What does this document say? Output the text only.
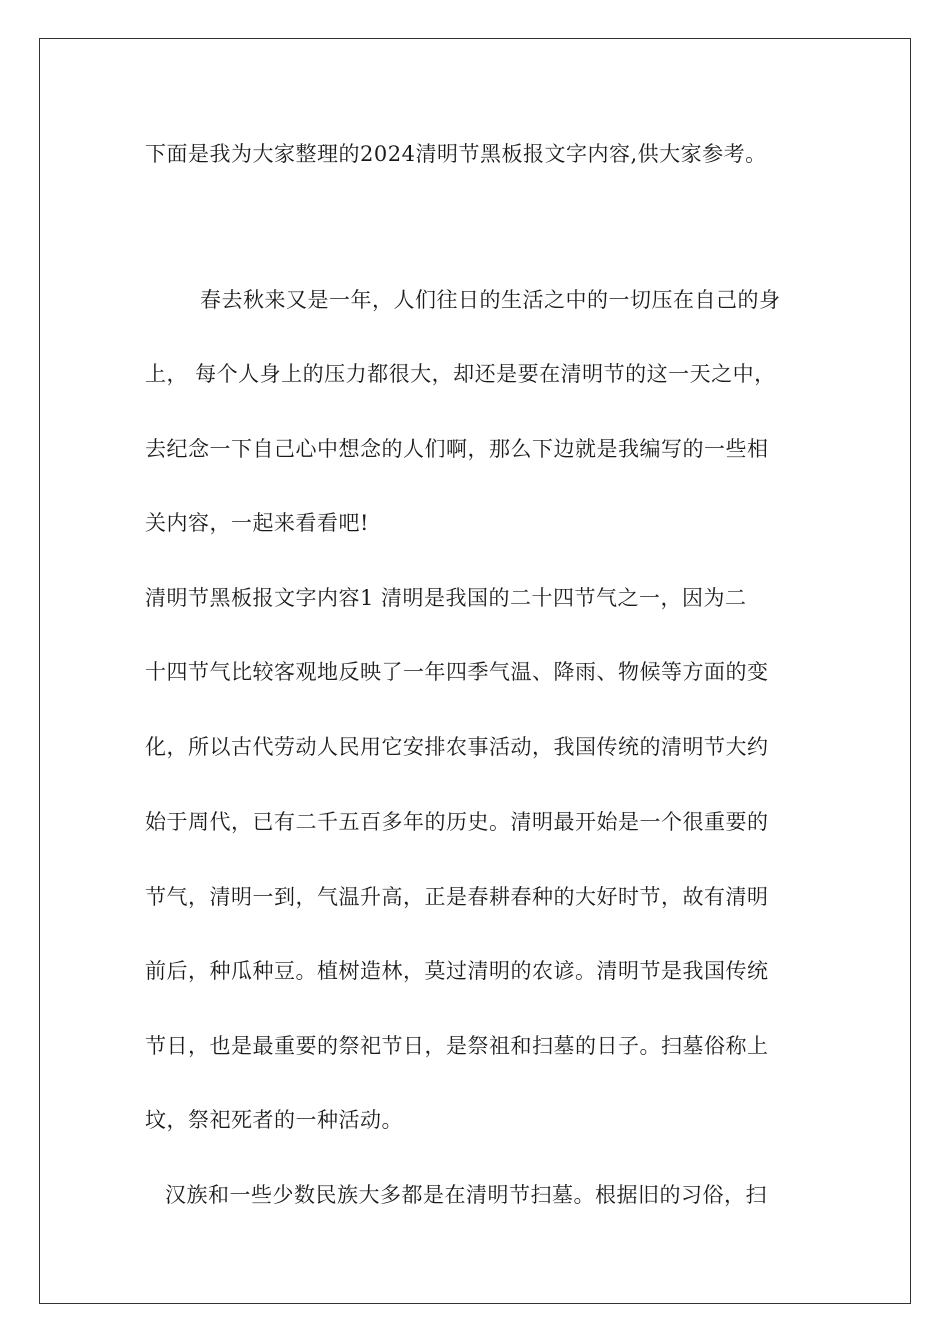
下面是我为大家整理的2024清明节黑板报文字内容,供大家参考。
春去秋来又是一年，人们往日的生活之中的一切压在自己的身
上， 每个人身上的压力都很大，却还是要在清明节的这一天之中，
去纪念一下自己心中想念的人们啊，那么下边就是我编写的一些相
关内容，一起来看看吧!
清明节黑板报文字内容1 清明是我国的二十四节气之一，因为二
十四节气比较客观地反映了一年四季气温、降雨、物候等方面的变
化，所以古代劳动人民用它安排农事活动，我国传统的清明节大约
始于周代，已有二千五百多年的历史。清明最开始是一个很重要的
节气，清明一到，气温升高，正是春耕春种的大好时节，故有清明
前后，种瓜种豆。植树造林，莫过清明的农谚。清明节是我国传统
节日，也是最重要的祭祀节日，是祭祖和扫墓的日子。扫墓俗称上
坟，祭祀死者的一种活动。
汉族和一些少数民族大多都是在清明节扫墓。根据旧的习俗，扫
